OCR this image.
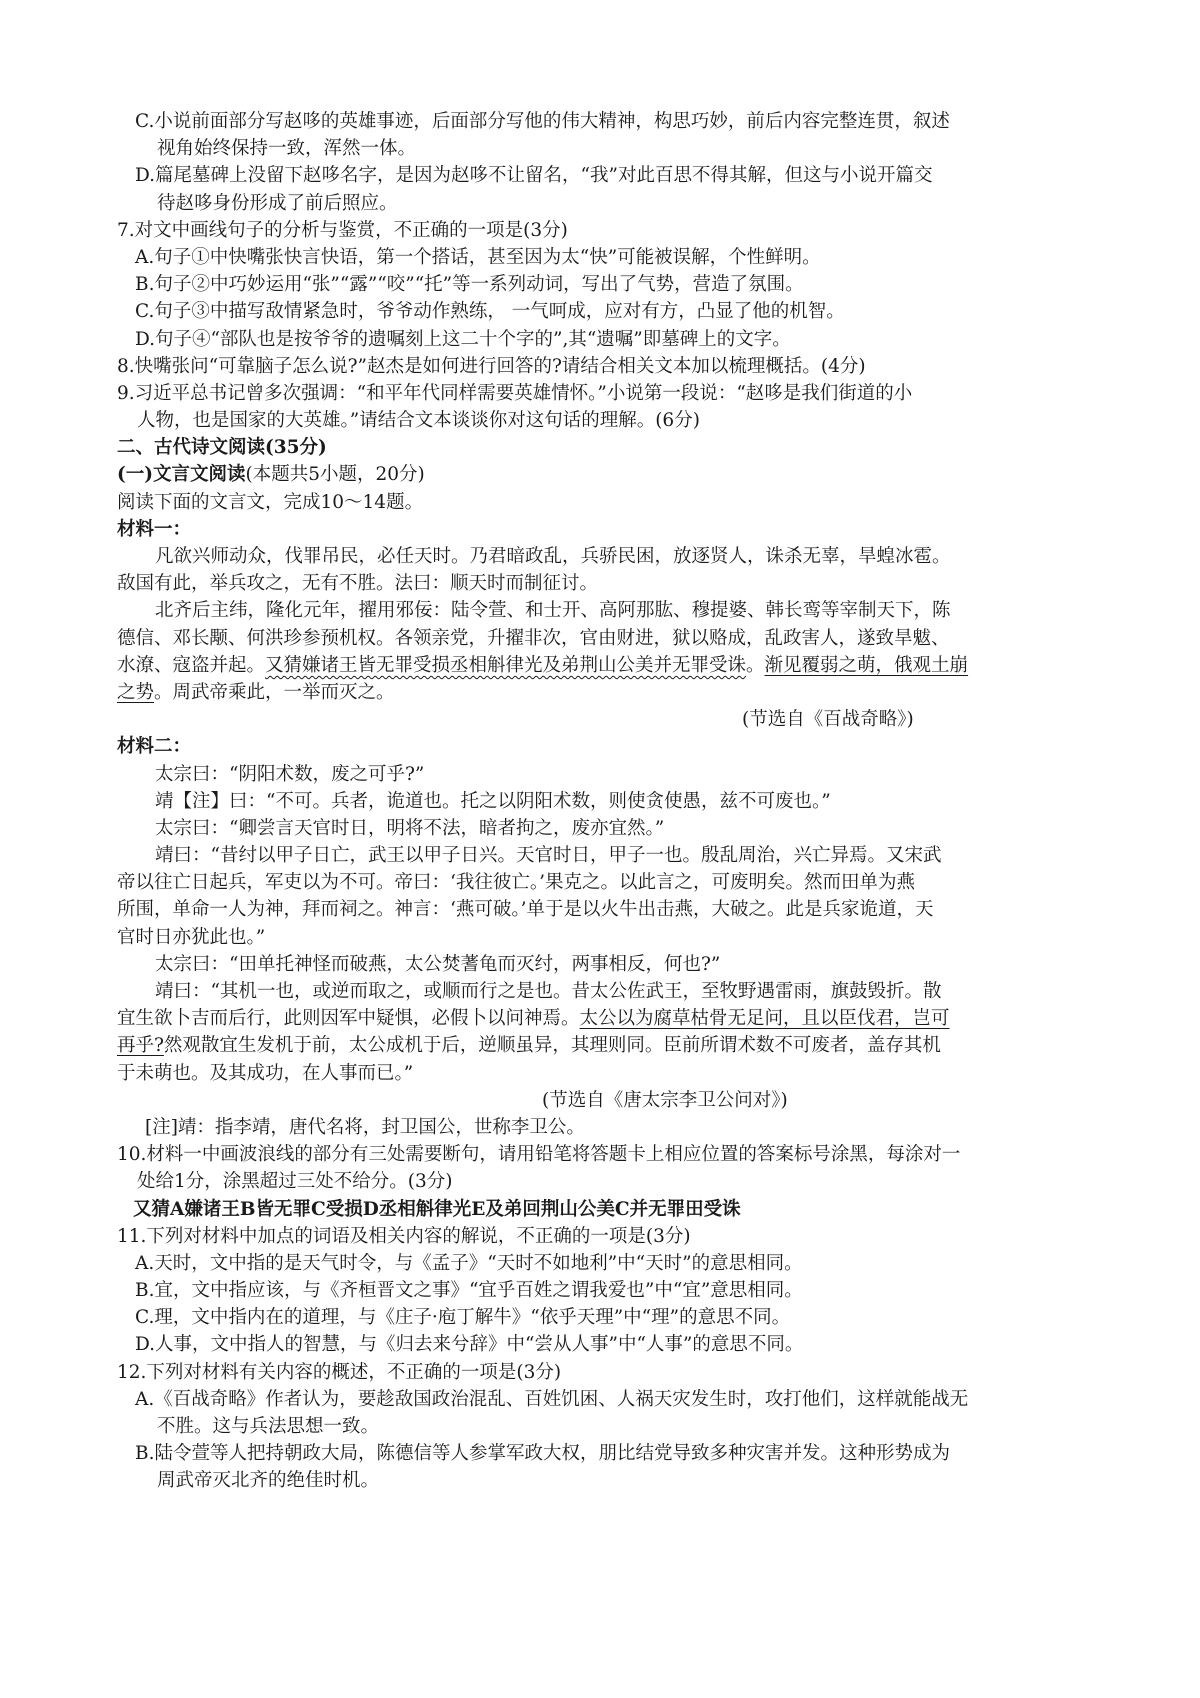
C.小说前面部分写赵哆的英雄事迹，后面部分写他的伟大精神，构思巧妙，前后内容完整连贯，叙述
视角始终保持一致，浑然一体。
D.篇尾墓碑上没留下赵哆名字，是因为赵哆不让留名，“我”对此百思不得其解，但这与小说开篇交
待赵哆身份形成了前后照应。
7.对文中画线句子的分析与鉴赏，不正确的一项是(3分)
A.句子①中快嘴张快言快语，第一个搭话，甚至因为太“快”可能被误解，个性鲜明。
B.句子②中巧妙运用“张”“露”“咬”“托”等一系列动词，写出了气势，营造了氛围。
C.句子③中描写敌情紧急时，爷爷动作熟练， 一气呵成，应对有方，凸显了他的机智。
D.句子④“部队也是按爷爷的遗嘱刻上这二十个字的”,其“遗嘱”即墓碑上的文字。
8.快嘴张问“可靠脑子怎么说?”赵杰是如何进行回答的?请结合相关文本加以梳理概括。(4分)
9.习近平总书记曾多次强调：“和平年代同样需要英雄情怀。”小说第一段说：“赵哆是我们街道的小
人物，也是国家的大英雄。”请结合文本谈谈你对这句话的理解。(6分)
二、古代诗文阅读(35分)
(一)文言文阅读(本题共5小题，20分)
阅读下面的文言文，完成10～14题。
材料一：
凡欲兴师动众，伐罪吊民，必任天时。乃君暗政乱，兵骄民困，放逐贤人，诛杀无辜，旱蝗冰雹。
敌国有此，举兵攻之，无有不胜。法曰：顺天时而制征讨。
北齐后主纬，隆化元年，擢用邪佞：陆令萱、和士开、高阿那肱、穆提婆、韩长鸾等宰制天下，陈
德信、邓长颙、何洪珍参预机权。各领亲党，升擢非次，官由财进，狱以赂成，乱政害人，遂致旱魃、
水潦、寇盗并起。又猜嫌诸王皆无罪受损丞相斛律光及弟荆山公美并无罪受诛。渐见覆弱之萌，俄观土崩
之势。周武帝乘此，一举而灭之。
(节选自《百战奇略》)
材料二：
太宗曰：“阴阳术数，废之可乎?”
靖【注】曰：“不可。兵者，诡道也。托之以阴阳术数，则使贪使愚，兹不可废也。”
太宗曰：“卿尝言天官时日，明将不法，暗者拘之，废亦宜然。”
靖曰：“昔纣以甲子日亡，武王以甲子日兴。天官时日，甲子一也。殷乱周治，兴亡异焉。又宋武
帝以往亡日起兵，军吏以为不可。帝曰：‘我往彼亡。’果克之。以此言之，可废明矣。然而田单为燕
所围，单命一人为神，拜而祠之。神言：‘燕可破。’单于是以火牛出击燕，大破之。此是兵家诡道，天
官时日亦犹此也。”
太宗曰：“田单托神怪而破燕，太公焚蓍龟而灭纣，两事相反，何也?”
靖曰：“其机一也，或逆而取之，或顺而行之是也。昔太公佐武王，至牧野遇雷雨，旗鼓毁折。散
宜生欲卜吉而后行，此则因军中疑惧，必假卜以问神焉。太公以为腐草枯骨无足问，且以臣伐君，岂可
再乎?然观散宜生发机于前，太公成机于后，逆顺虽异，其理则同。臣前所谓术数不可废者，盖存其机
于未萌也。及其成功，在人事而已。”
(节选自《唐太宗李卫公问对》)
[注]靖：指李靖，唐代名将，封卫国公，世称李卫公。
10.材料一中画波浪线的部分有三处需要断句，请用铅笔将答题卡上相应位置的答案标号涂黑，每涂对一
处给1分，涂黑超过三处不给分。(3分)
又猜A嫌诸王B皆无罪C受损D丞相斛律光E及弟回荆山公美C并无罪田受诛
11.下列对材料中加点的词语及相关内容的解说，不正确的一项是(3分)
A.天时，文中指的是天气时令，与《孟子》“天时不如地利”中“天时”的意思相同。
B.宜，文中指应该，与《齐桓晋文之事》“宜乎百姓之谓我爱也”中“宜”意思相同。
C.理，文中指内在的道理，与《庄子·庖丁解牛》“依乎天理”中“理”的意思不同。
D.人事，文中指人的智慧，与《归去来兮辞》中“尝从人事”中“人事”的意思不同。
12.下列对材料有关内容的概述，不正确的一项是(3分)
A.《百战奇略》作者认为，要趁敌国政治混乱、百姓饥困、人祸天灾发生时，攻打他们，这样就能战无
不胜。这与兵法思想一致。
B.陆令萱等人把持朝政大局，陈德信等人参掌军政大权，朋比结党导致多种灾害并发。这种形势成为
周武帝灭北齐的绝佳时机。
